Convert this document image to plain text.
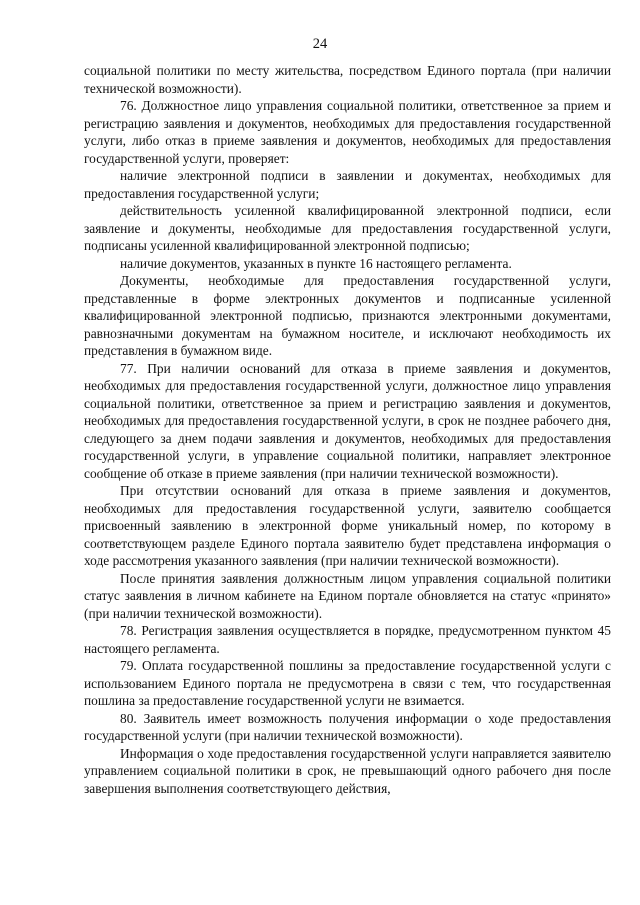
24

социальной политики по месту жительства, посредством Единого портала (при наличии технической возможности).

76. Должностное лицо управления социальной политики, ответственное за прием и регистрацию заявления и документов, необходимых для предоставления государственной услуги, либо отказ в приеме заявления и документов, необходимых для предоставления государственной услуги, проверяет:

наличие электронной подписи в заявлении и документах, необходимых для предоставления государственной услуги;

действительность усиленной квалифицированной электронной подписи, если заявление и документы, необходимые для предоставления государственной услуги, подписаны усиленной квалифицированной электронной подписью;

наличие документов, указанных в пункте 16 настоящего регламента.

Документы, необходимые для предоставления государственной услуги, представленные в форме электронных документов и подписанные усиленной квалифицированной электронной подписью, признаются электронными документами, равнозначными документам на бумажном носителе, и исключают необходимость их представления в бумажном виде.

77. При наличии оснований для отказа в приеме заявления и документов, необходимых для предоставления государственной услуги, должностное лицо управления социальной политики, ответственное за прием и регистрацию заявления и документов, необходимых для предоставления государственной услуги, в срок не позднее рабочего дня, следующего за днем подачи заявления и документов, необходимых для предоставления государственной услуги, в управление социальной политики, направляет электронное сообщение об отказе в приеме заявления (при наличии технической возможности).

При отсутствии оснований для отказа в приеме заявления и документов, необходимых для предоставления государственной услуги, заявителю сообщается присвоенный заявлению в электронной форме уникальный номер, по которому в соответствующем разделе Единого портала заявителю будет представлена информация о ходе рассмотрения указанного заявления (при наличии технической возможности).

После принятия заявления должностным лицом управления социальной политики статус заявления в личном кабинете на Едином портале обновляется на статус «принято» (при наличии технической возможности).

78. Регистрация заявления осуществляется в порядке, предусмотренном пунктом 45 настоящего регламента.

79. Оплата государственной пошлины за предоставление государственной услуги с использованием Единого портала не предусмотрена в связи с тем, что государственная пошлина за предоставление государственной услуги не взимается.

80. Заявитель имеет возможность получения информации о ходе предоставления государственной услуги (при наличии технической возможности).

Информация о ходе предоставления государственной услуги направляется заявителю управлением социальной политики в срок, не превышающий одного рабочего дня после завершения выполнения соответствующего действия,
